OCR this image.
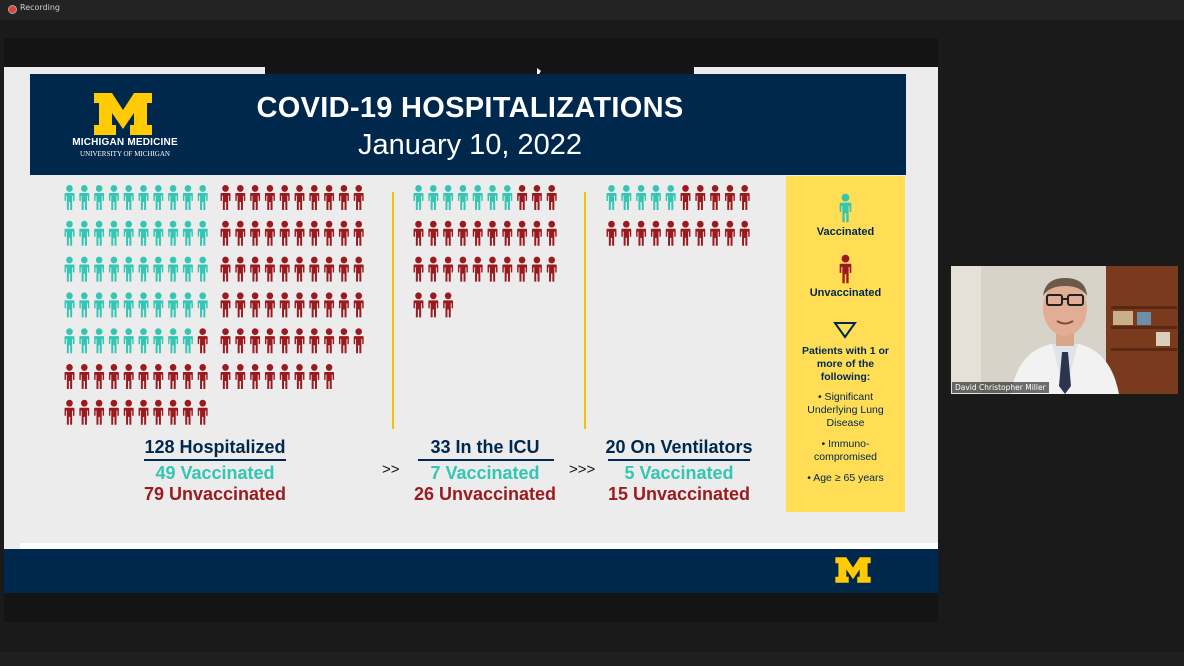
Recording
MICHIGAN MEDICINE
UNIVERSITY OF MICHIGAN
COVID-19 HOSPITALIZATIONS
January 10, 2022
Vaccinated
Unvaccinated
Patients with 1 or more of the following:
• Significant Underlying Lung Disease
• Immuno-compromised
• Age ≥ 65 years
128 Hospitalized
49 Vaccinated
79 Unvaccinated
>>
33 In the ICU
7 Vaccinated
26 Unvaccinated
>>>
20 On Ventilators
5 Vaccinated
15 Unvaccinated
David Christopher Miller
